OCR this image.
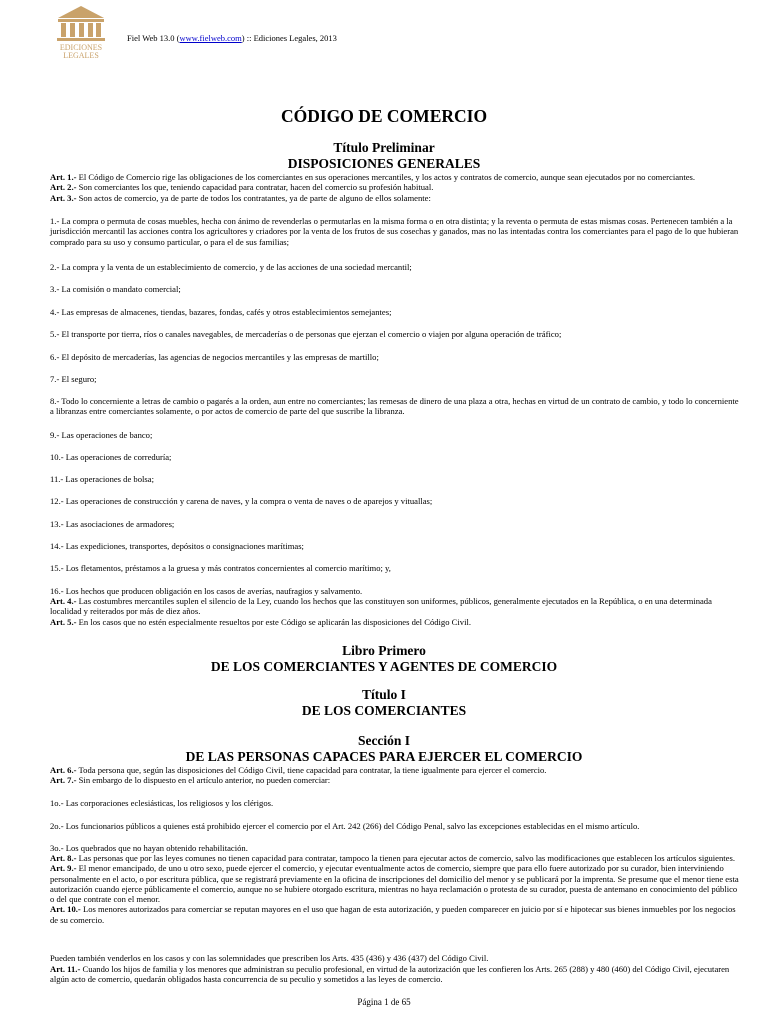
EDICIONES
LEGALES
Fiel Web 13.0 (www.fielweb.com) :: Ediciones Legales, 2013
CÓDIGO DE COMERCIO
Título Preliminar
DISPOSICIONES GENERALES
Art. 1.- El Código de Comercio rige las obligaciones de los comerciantes en sus operaciones mercantiles, y los actos y contratos de comercio, aunque sean ejecutados por no comerciantes.
Art. 2.- Son comerciantes los que, teniendo capacidad para contratar, hacen del comercio su profesión habitual.
Art. 3.- Son actos de comercio, ya de parte de todos los contratantes, ya de parte de alguno de ellos solamente:
1.- La compra o permuta de cosas muebles, hecha con ánimo de revenderlas o permutarlas en la misma forma o en otra distinta; y la reventa o permuta de estas mismas cosas. Pertenecen también a la jurisdicción mercantil las acciones contra los agricultores y criadores por la venta de los frutos de sus cosechas y ganados, mas no las intentadas contra los comerciantes para el pago de lo que hubieran comprado para su uso y consumo particular, o para el de sus familias;
2.- La compra y la venta de un establecimiento de comercio, y de las acciones de una sociedad mercantil;
3.- La comisión o mandato comercial;
4.- Las empresas de almacenes, tiendas, bazares, fondas, cafés y otros establecimientos semejantes;
5.- El transporte por tierra, ríos o canales navegables, de mercaderías o de personas que ejerzan el comercio o viajen por alguna operación de tráfico;
6.- El depósito de mercaderías, las agencias de negocios mercantiles y las empresas de martillo;
7.- El seguro;
8.- Todo lo concerniente a letras de cambio o pagarés a la orden, aun entre no comerciantes; las remesas de dinero de una plaza a otra, hechas en virtud de un contrato de cambio, y todo lo concerniente a libranzas entre comerciantes solamente, o por actos de comercio de parte del que suscribe la libranza.
9.- Las operaciones de banco;
10.- Las operaciones de correduría;
11.- Las operaciones de bolsa;
12.- Las operaciones de construcción y carena de naves, y la compra o venta de naves o de aparejos y vituallas;
13.- Las asociaciones de armadores;
14.- Las expediciones, transportes, depósitos o consignaciones marítimas;
15.- Los fletamentos, préstamos a la gruesa y más contratos concernientes al comercio marítimo; y,
16.- Los hechos que producen obligación en los casos de averías, naufragios y salvamento.
Art. 4.- Las costumbres mercantiles suplen el silencio de la Ley, cuando los hechos que las constituyen son uniformes, públicos, generalmente ejecutados en la República, o en una determinada localidad y reiterados por más de diez años.
Art. 5.- En los casos que no estén especialmente resueltos por este Código se aplicarán las disposiciones del Código Civil.
Libro Primero
DE LOS COMERCIANTES Y AGENTES DE COMERCIO
Título I
DE LOS COMERCIANTES
Sección I
DE LAS PERSONAS CAPACES PARA EJERCER EL COMERCIO
Art. 6.- Toda persona que, según las disposiciones del Código Civil, tiene capacidad para contratar, la tiene igualmente para ejercer el comercio.
Art. 7.- Sin embargo de lo dispuesto en el artículo anterior, no pueden comerciar:
1o.- Las corporaciones eclesiásticas, los religiosos y los clérigos.
2o.- Los funcionarios públicos a quienes está prohibido ejercer el comercio por el Art. 242 (266) del Código Penal, salvo las excepciones establecidas en el mismo artículo.
3o.- Los quebrados que no hayan obtenido rehabilitación.
Art. 8.- Las personas que por las leyes comunes no tienen capacidad para contratar, tampoco la tienen para ejecutar actos de comercio, salvo las modificaciones que establecen los artículos siguientes.
Art. 9.- El menor emancipado, de uno u otro sexo, puede ejercer el comercio, y ejecutar eventualmente actos de comercio, siempre que para ello fuere autorizado por su curador, bien interviniendo personalmente en el acto, o por escritura pública, que se registrará previamente en la oficina de inscripciones del domicilio del menor y se publicará por la imprenta. Se presume que el menor tiene esta autorización cuando ejerce públicamente el comercio, aunque no se hubiere otorgado escritura, mientras no haya reclamación o protesta de su curador, puesta de antemano en conocimiento del público o del que contrate con el menor.
Art. 10.- Los menores autorizados para comerciar se reputan mayores en el uso que hagan de esta autorización, y pueden comparecer en juicio por sí e hipotecar sus bienes inmuebles por los negocios de su comercio.
Pueden también venderlos en los casos y con las solemnidades que prescriben los Arts. 435 (436) y 436 (437) del Código Civil.
Art. 11.- Cuando los hijos de familia y los menores que administran su peculio profesional, en virtud de la autorización que les confieren los Arts. 265 (288) y 480 (460) del Código Civil, ejecutaren algún acto de comercio, quedarán obligados hasta concurrencia de su peculio y sometidos a las leyes de comercio.
Página 1 de 65
